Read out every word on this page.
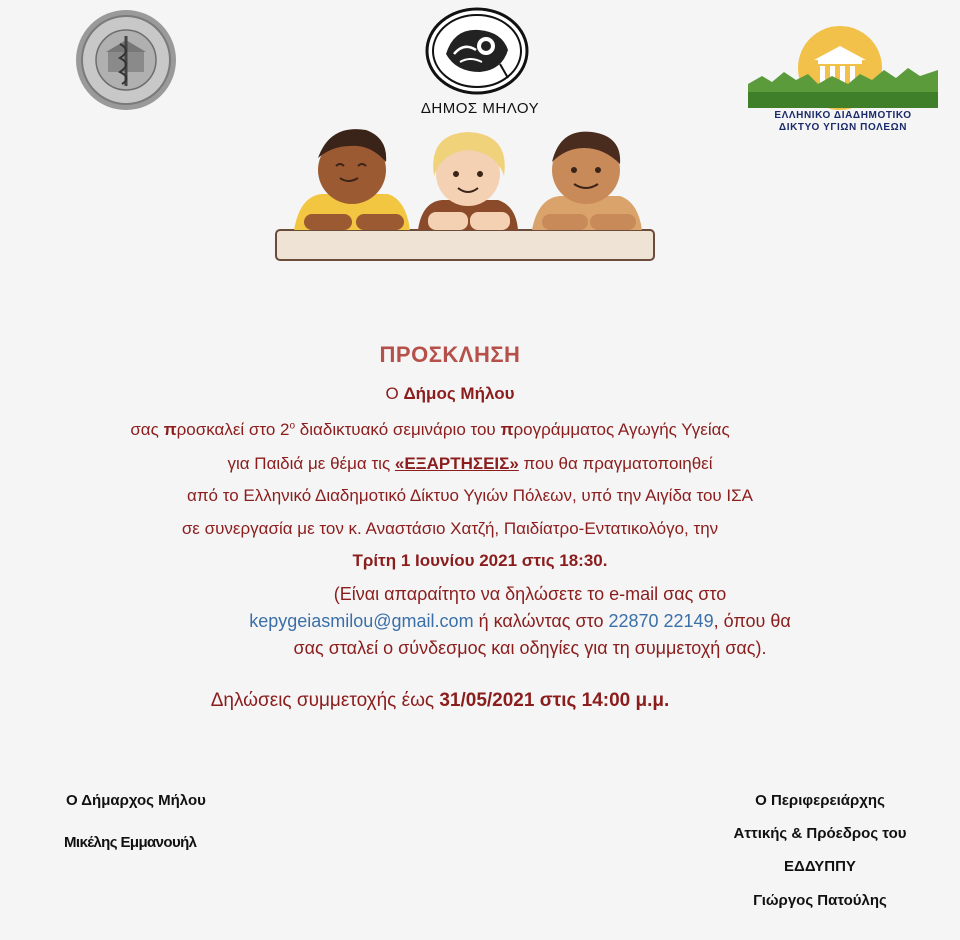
ΔΗΜΟΣ ΜΗΛΟΥ	ΕΛΛΗΝΙΚΟ ΔΙΑΔΗΜΟΤΙΚΟ
ΔΙΚΤΥΟ ΥΓΙΩΝ ΠΟΛΕΩΝ
ΠΡΟΣΚΛΗΣΗ
Ο Δήμος Μήλου
σας προσκαλεί στο $2^o$ διαδικτυακό σεμινάριο του προγράμματος Αγωγής Υγείας
για Παιδιά με θέμα τις «ΕΞΑΡΤΗΣΕΙΣ» που θα πραγματοποιηθεί
από το Ελληνικό Διαδημοτικό Δίκτυο Υγιών Πόλεων, υπό την Αιγίδα του ΙΣΑ
σε συνεργασία με τον κ. Αναστάσιο Χατζή, Παιδίατρο-Εντατικολόγο, την
Τρίτη 1 Ιουνίου 2021 στις 18:30.
(Είναι απαραίτητο να δηλώσετε το e-mail σας στο
kepygeiasmilou@gmail.com ή καλώντας στο 22870 22149, όπου θα
σας σταλεί ο σύνδεσμος και οδηγίες για τη συμμετοχή σας).
Δηλώσεις συμμετοχής έως 31/05/2021 στις 14:00 μ.μ.
Ο Δήμαρχος Μήλου
Μικέλης Εμμανουήλ
Ο Περιφερειάρχης
Αττικής & Πρόεδρος του
ΕΔΔΥΠΠΥ
Γιώργος Πατούλης
